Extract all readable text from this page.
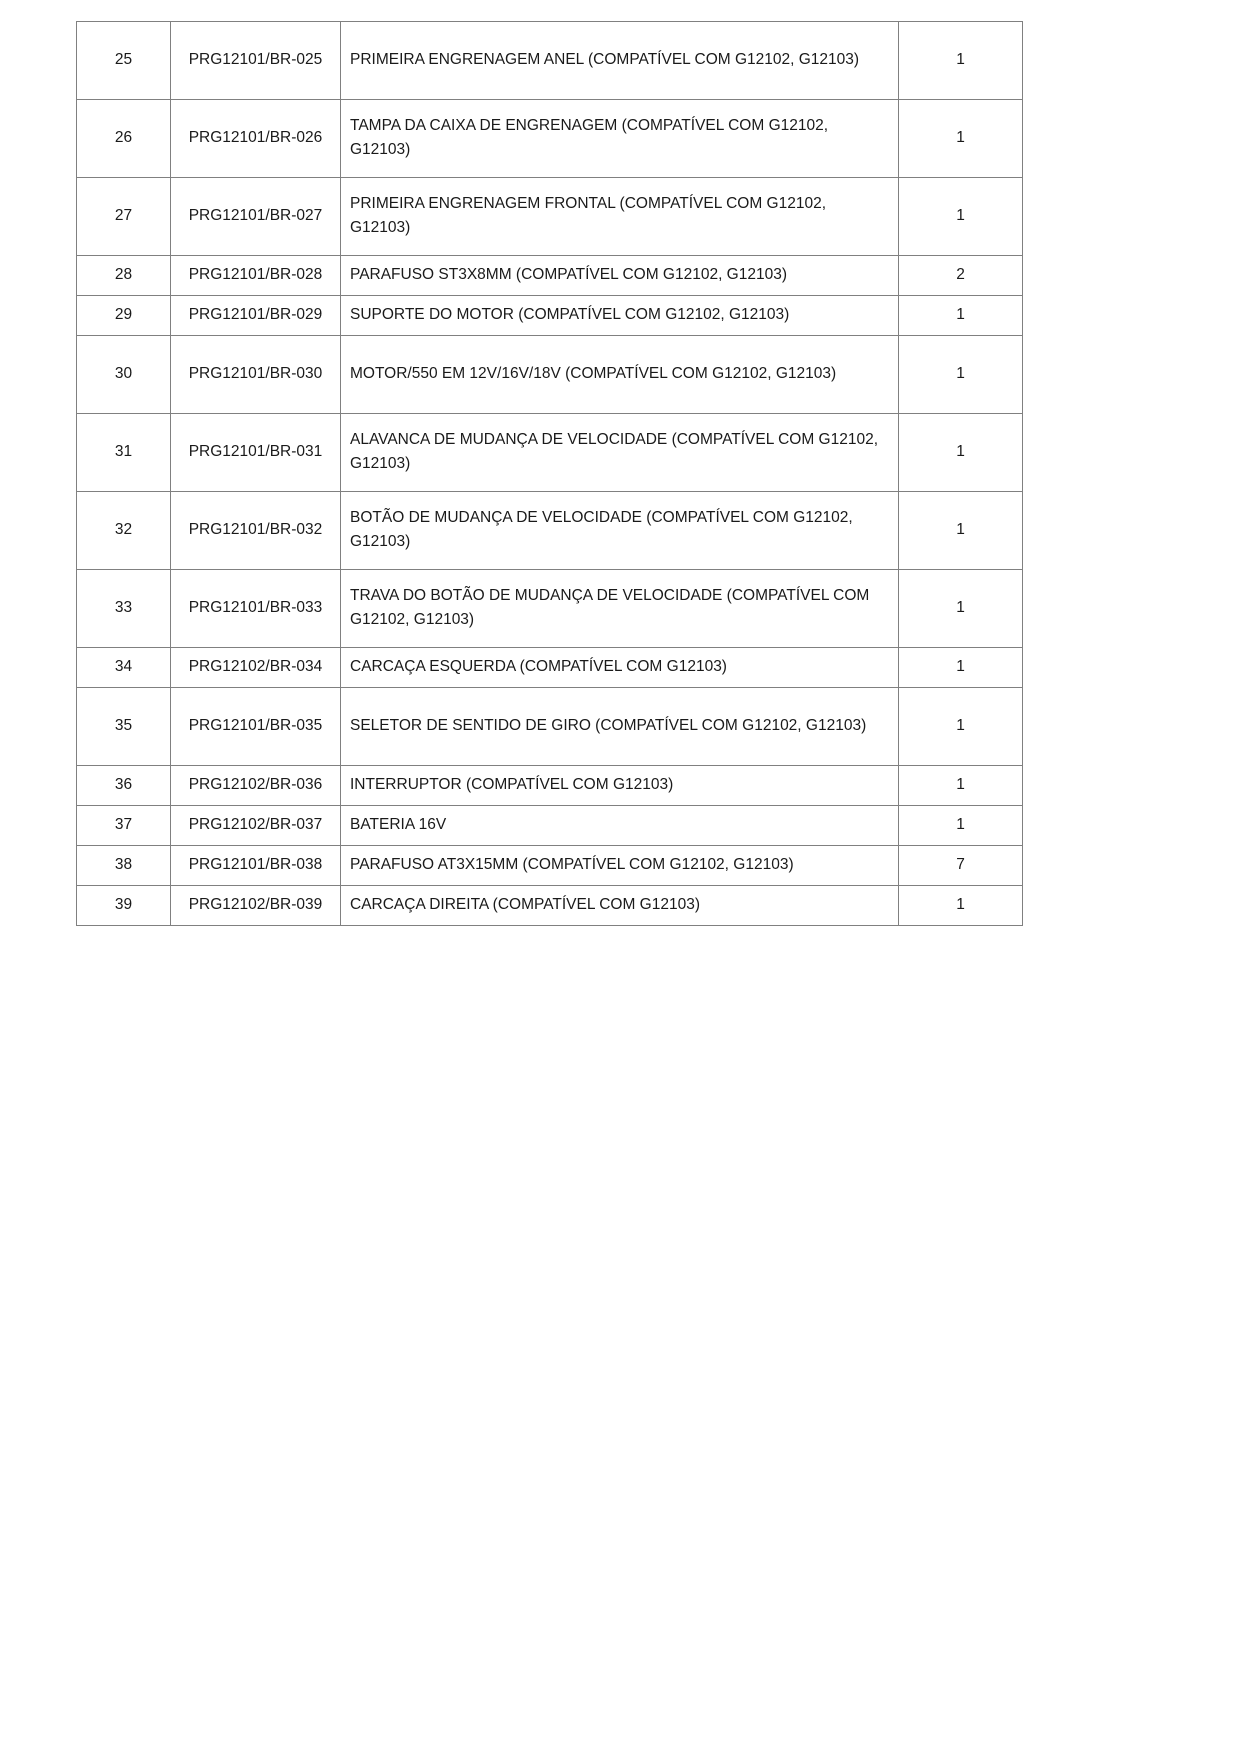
25	PRG12101/BR-025	PRIMEIRA ENGRENAGEM ANEL (COMPATÍVEL COM G12102, G12103)	1

26	PRG12101/BR-026	TAMPA DA CAIXA DE ENGRENAGEM (COMPATÍVEL COM G12102, G12103)	1

27	PRG12101/BR-027	PRIMEIRA ENGRENAGEM FRONTAL (COMPATÍVEL COM G12102, G12103)	1

28	PRG12101/BR-028	PARAFUSO ST3X8MM (COMPATÍVEL COM G12102, G12103)	2

29	PRG12101/BR-029	SUPORTE DO MOTOR (COMPATÍVEL COM G12102, G12103)	1

30	PRG12101/BR-030	MOTOR/550 EM 12V/16V/18V (COMPATÍVEL COM G12102, G12103)	1

31	PRG12101/BR-031	ALAVANCA DE MUDANÇA DE VELOCIDADE (COMPATÍVEL COM G12102, G12103)	1

32	PRG12101/BR-032	BOTÃO DE MUDANÇA DE VELOCIDADE (COMPATÍVEL COM G12102, G12103)	1

33	PRG12101/BR-033	TRAVA DO BOTÃO DE MUDANÇA DE VELOCIDADE (COMPATÍVEL COM G12102, G12103)	1

34	PRG12102/BR-034	CARCAÇA ESQUERDA (COMPATÍVEL COM G12103)	1

35	PRG12101/BR-035	SELETOR DE SENTIDO DE GIRO (COMPATÍVEL COM G12102, G12103)	1

36	PRG12102/BR-036	INTERRUPTOR (COMPATÍVEL COM G12103)	1

37	PRG12102/BR-037	BATERIA 16V	1

38	PRG12101/BR-038	PARAFUSO AT3X15MM (COMPATÍVEL COM G12102, G12103)	7

39	PRG12102/BR-039	CARCAÇA DIREITA (COMPATÍVEL COM G12103)	1
